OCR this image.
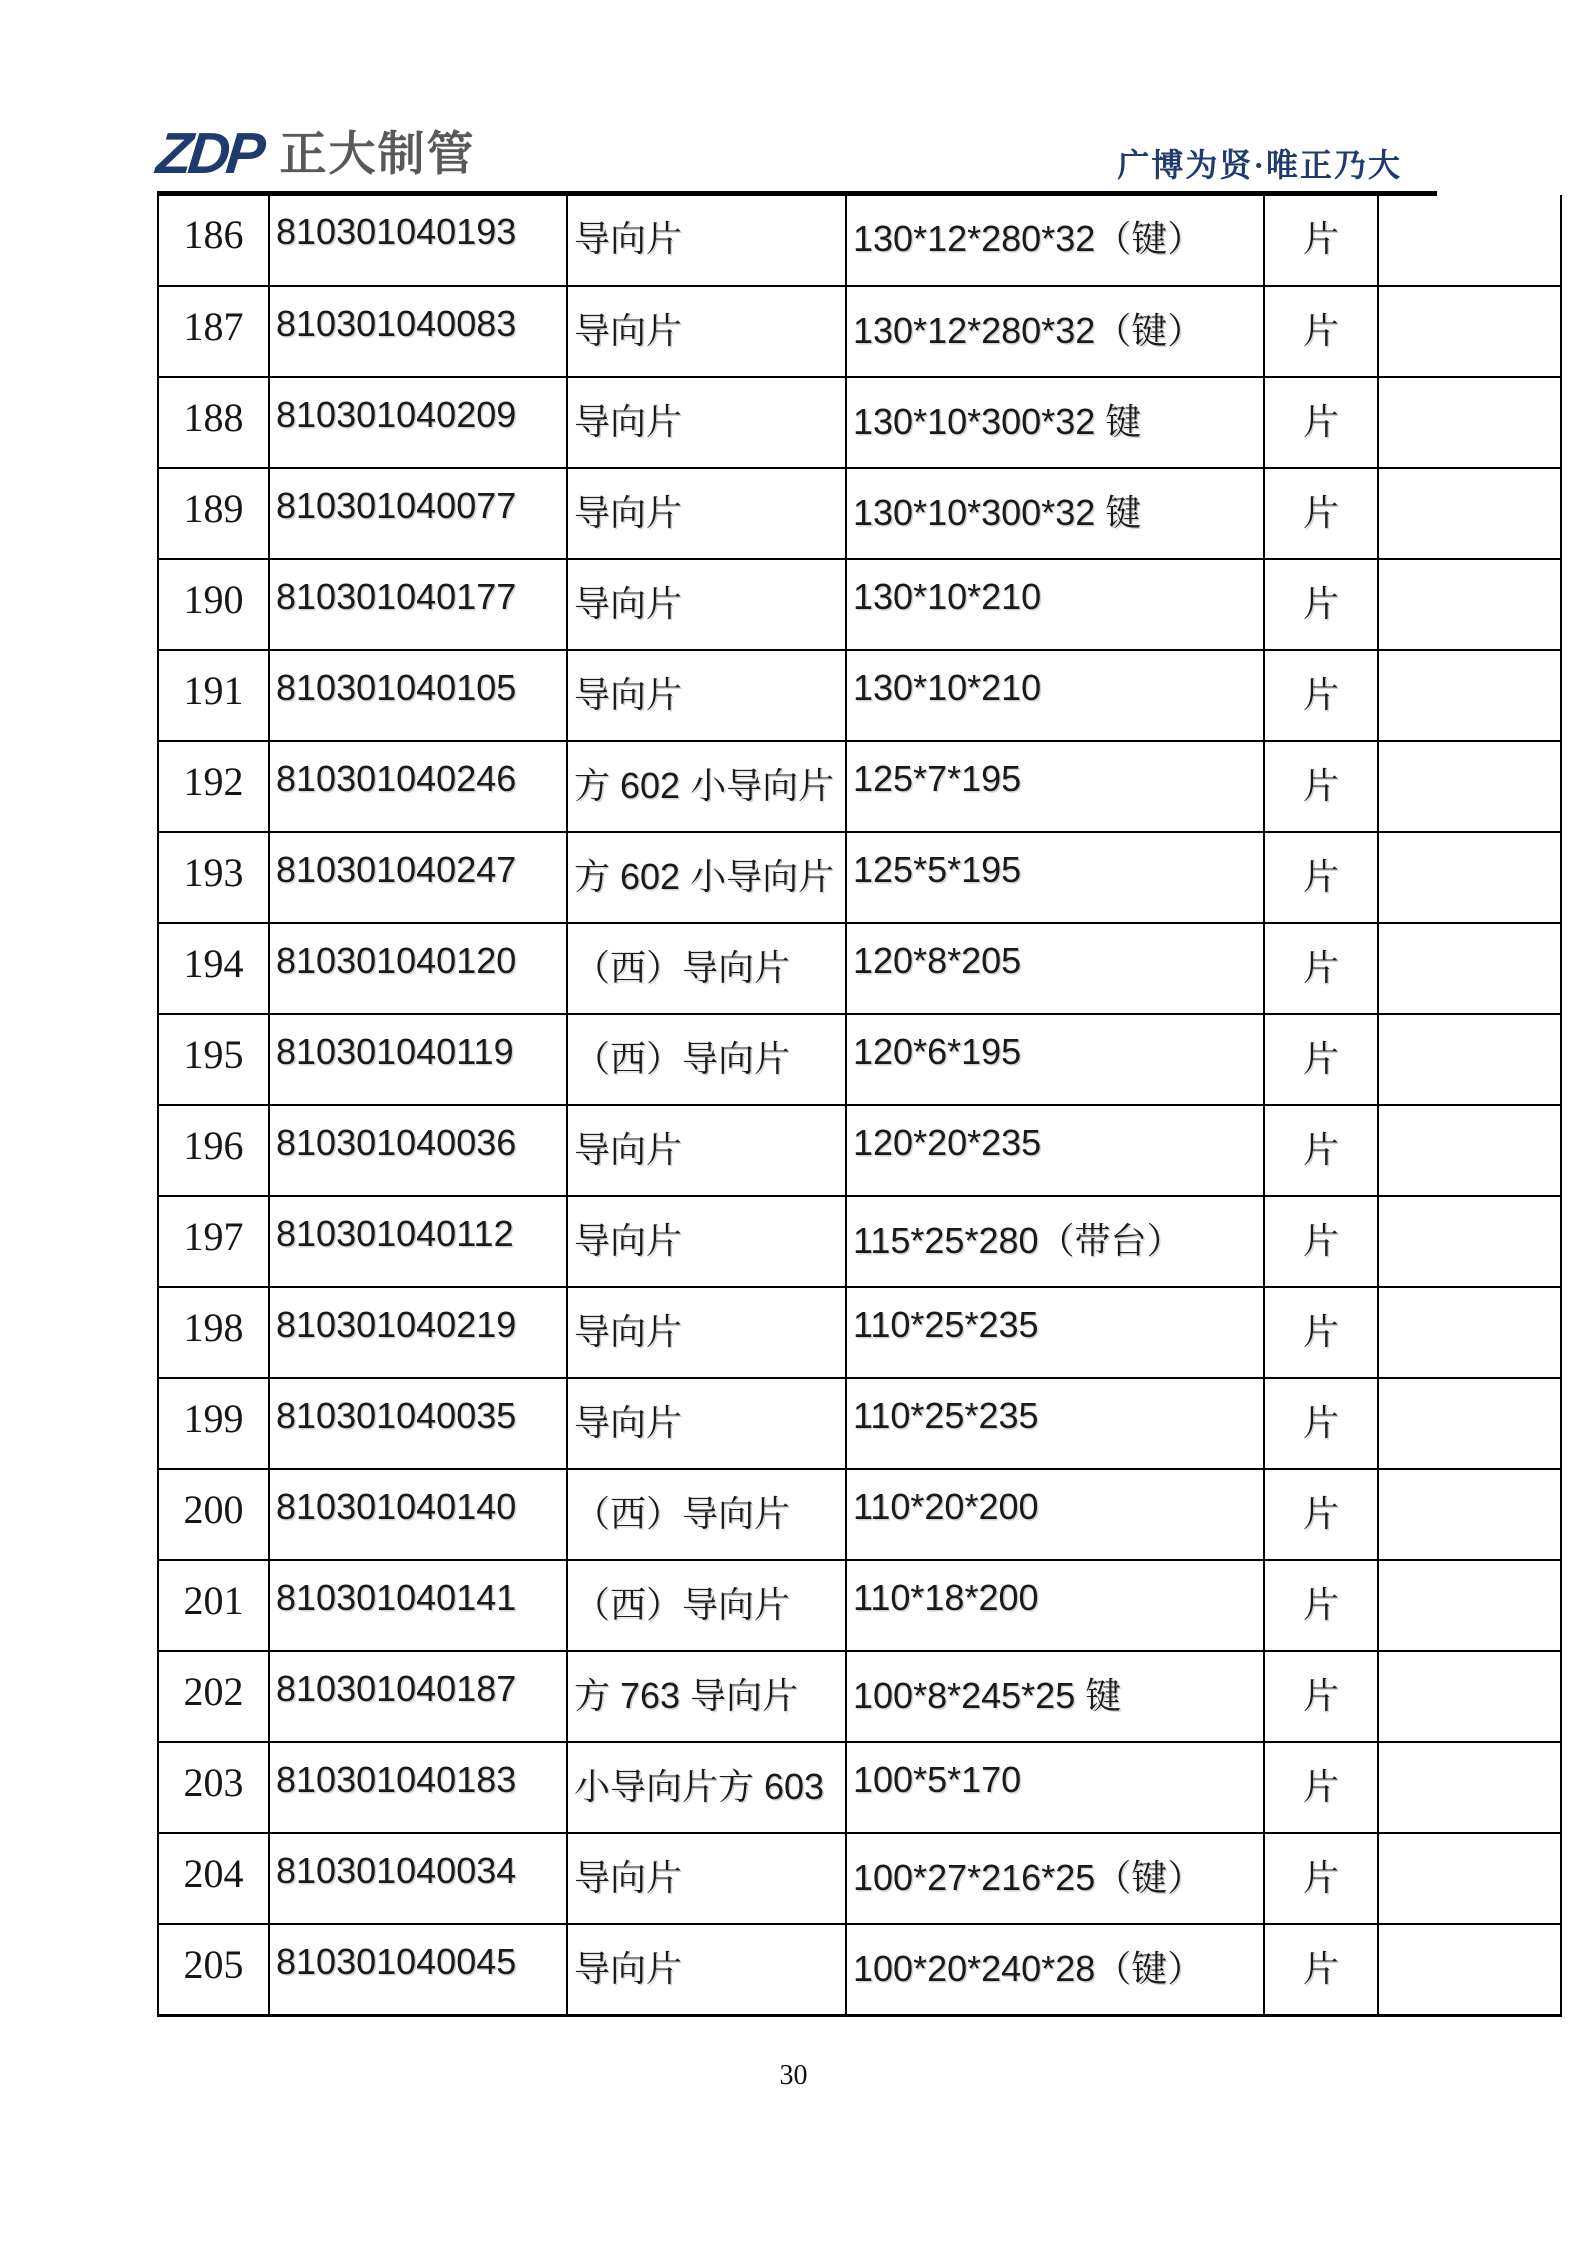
ZDP 正大制管	广博为贤·唯正乃大
186	810301040193	导向片	130*12*280*32（键）	片	
187	810301040083	导向片	130*12*280*32（键）	片	
188	810301040209	导向片	130*10*300*32 键	片	
189	810301040077	导向片	130*10*300*32 键	片	
190	810301040177	导向片	130*10*210	片	
191	810301040105	导向片	130*10*210	片	
192	810301040246	方 602 小导向片	125*7*195	片	
193	810301040247	方 602 小导向片	125*5*195	片	
194	810301040120	（西）导向片	120*8*205	片	
195	810301040119	（西）导向片	120*6*195	片	
196	810301040036	导向片	120*20*235	片	
197	810301040112	导向片	115*25*280（带台）	片	
198	810301040219	导向片	110*25*235	片	
199	810301040035	导向片	110*25*235	片	
200	810301040140	（西）导向片	110*20*200	片	
201	810301040141	（西）导向片	110*18*200	片	
202	810301040187	方 763 导向片	100*8*245*25 键	片	
203	810301040183	小导向片方 603	100*5*170	片	
204	810301040034	导向片	100*27*216*25（键）	片	
205	810301040045	导向片	100*20*240*28（键）	片	
30
